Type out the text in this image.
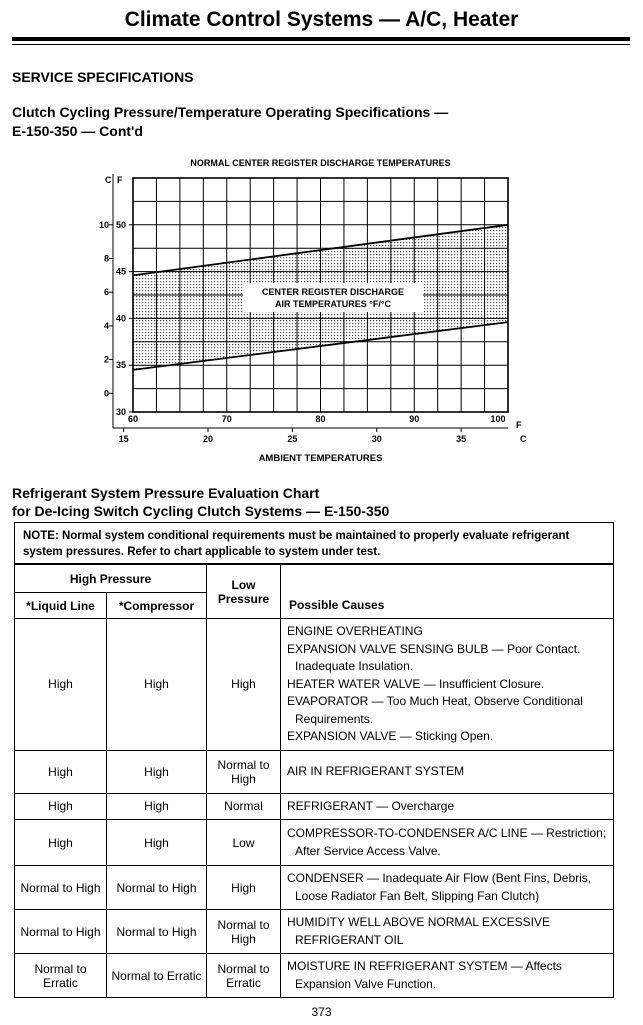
Climate Control Systems — A/C, Heater
SERVICE SPECIFICATIONS
Clutch Cycling Pressure/Temperature Operating Specifications —
E-150-350 — Cont'd
NORMAL CENTER REGISTER DISCHARGE TEMPERATURES
CENTER REGISTER DISCHARGE
AIR TEMPERATURES °F/°C
C F
0
2
4
6
8
10
30
35
40
45
50
60	70	80	90	100
F
15	20	25	30	35	C
AMBIENT TEMPERATURES
Refrigerant System Pressure Evaluation Chart
for De-Icing Switch Cycling Clutch Systems — E-150-350
NOTE: Normal system conditional requirements must be maintained to properly evaluate refrigerant system pressures. Refer to chart applicable to system under test.
High Pressure		Low
Pressure	Possible Causes
*Liquid Line	*Compressor		
High	High	High	ENGINE OVERHEATING
EXPANSION VALVE SENSING BULB — Poor Contact. Inadequate Insulation.
HEATER WATER VALVE — Insufficient Closure.
EVAPORATOR — Too Much Heat, Observe Conditional Requirements.
EXPANSION VALVE — Sticking Open.

High	High	Normal to High	AIR IN REFRIGERANT SYSTEM

High	High	Normal	REFRIGERANT — Overcharge

High	High	Low	COMPRESSOR-TO-CONDENSER A/C LINE — Restriction; After Service Access Valve.

Normal to High	Normal to High	High	CONDENSER — Inadequate Air Flow (Bent Fins, Debris, Loose Radiator Fan Belt, Slipping Fan Clutch)

Normal to High	Normal to High	Normal to High	HUMIDITY WELL ABOVE NORMAL EXCESSIVE REFRIGERANT OIL

Normal to Erratic	Normal to Erratic	Normal to Erratic	MOISTURE IN REFRIGERANT SYSTEM — Affects Expansion Valve Function.
373
